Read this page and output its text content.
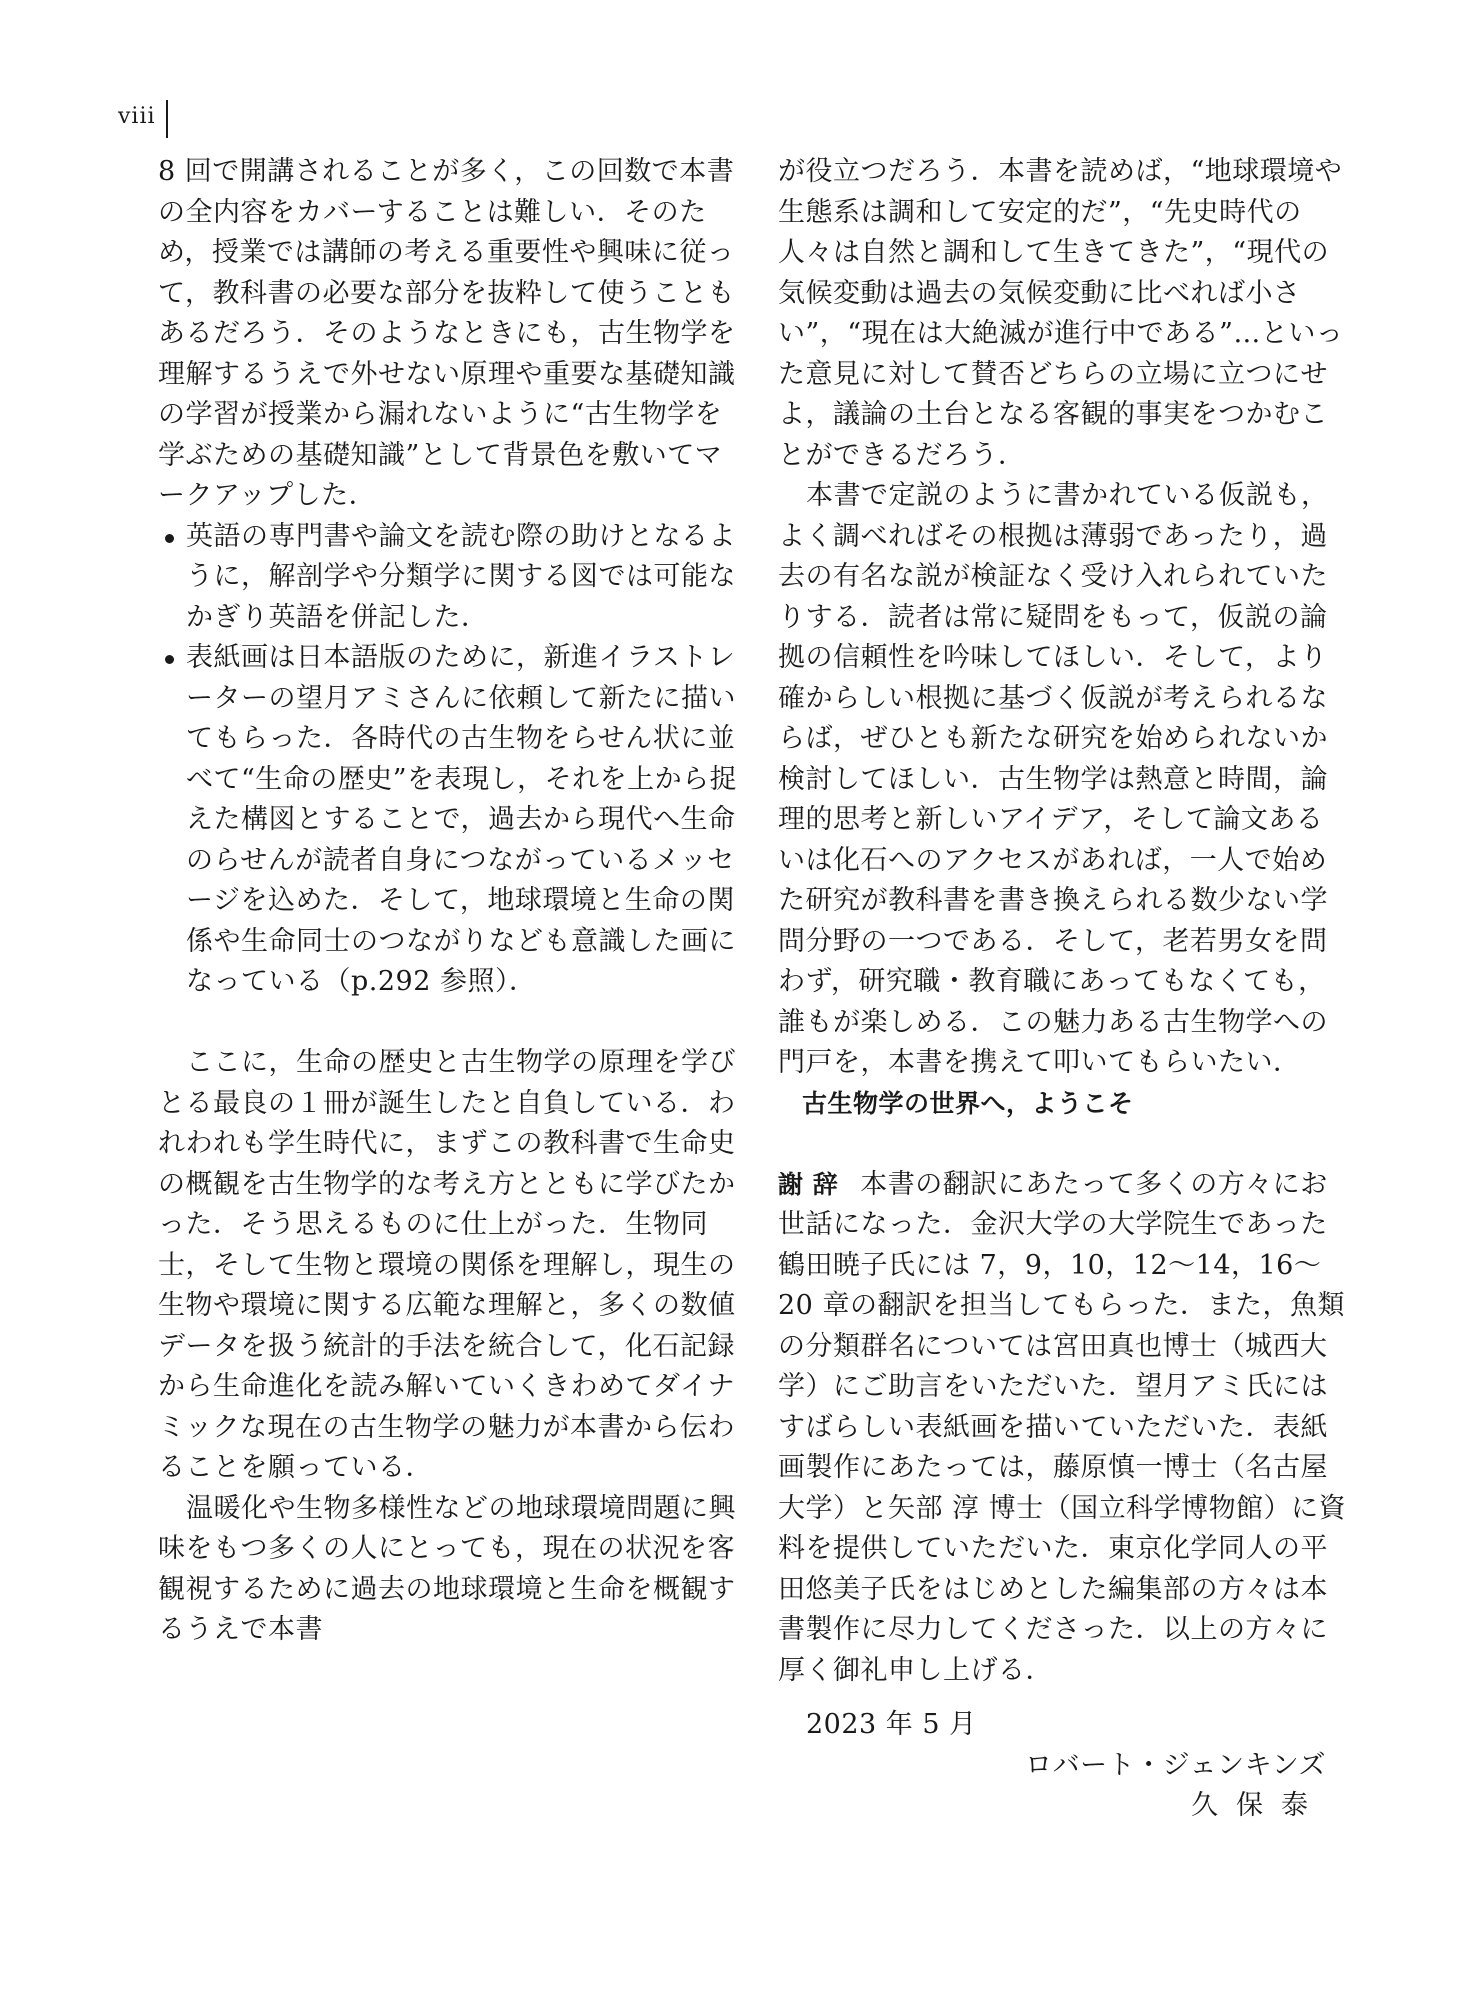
viii

8 回で開講されることが多く，この回数で本書の全内容をカバーすることは難しい．そのため，授業では講師の考える重要性や興味に従って，教科書の必要な部分を抜粋して使うこともあるだろう．そのようなときにも，古生物学を理解するうえで外せない原理や重要な基礎知識の学習が授業から漏れないように“古生物学を学ぶための基礎知識”として背景色を敷いてマークアップした．

英語の専門書や論文を読む際の助けとなるように，解剖学や分類学に関する図では可能なかぎり英語を併記した．

表紙画は日本語版のために，新進イラストレーターの望月アミさんに依頼して新たに描いてもらった．各時代の古生物をらせん状に並べて“生命の歴史”を表現し，それを上から捉えた構図とすることで，過去から現代へ生命のらせんが読者自身につながっているメッセージを込めた．そして，地球環境と生命の関係や生命同士のつながりなども意識した画になっている（p.292 参照）．

ここに，生命の歴史と古生物学の原理を学びとる最良の１冊が誕生したと自負している．われわれも学生時代に，まずこの教科書で生命史の概観を古生物学的な考え方とともに学びたかった．そう思えるものに仕上がった．生物同士，そして生物と環境の関係を理解し，現生の生物や環境に関する広範な理解と，多くの数値データを扱う統計的手法を統合して，化石記録から生命進化を読み解いていくきわめてダイナミックな現在の古生物学の魅力が本書から伝わることを願っている．

温暖化や生物多様性などの地球環境問題に興味をもつ多くの人にとっても，現在の状況を客観視するために過去の地球環境と生命を概観するうえで本書

が役立つだろう．本書を読めば，“地球環境や生態系は調和して安定的だ”，“先史時代の人々は自然と調和して生きてきた”，“現代の気候変動は過去の気候変動に比べれば小さい”，“現在は大絶滅が進行中である”…といった意見に対して賛否どちらの立場に立つにせよ，議論の土台となる客観的事実をつかむことができるだろう．

本書で定説のように書かれている仮説も，よく調べればその根拠は薄弱であったり，過去の有名な説が検証なく受け入れられていたりする．読者は常に疑問をもって，仮説の論拠の信頼性を吟味してほしい．そして，より確からしい根拠に基づく仮説が考えられるならば，ぜひとも新たな研究を始められないか検討してほしい．古生物学は熱意と時間，論理的思考と新しいアイデア，そして論文あるいは化石へのアクセスがあれば，一人で始めた研究が教科書を書き換えられる数少ない学問分野の一つである．そして，老若男女を問わず，研究職・教育職にあってもなくても，誰もが楽しめる．この魅力ある古生物学への門戸を，本書を携えて叩いてもらいたい．

古生物学の世界へ，ようこそ

謝 辞 本書の翻訳にあたって多くの方々にお世話になった．金沢大学の大学院生であった鶴田暁子氏には 7，9，10，12～14，16～20 章の翻訳を担当してもらった．また，魚類の分類群名については宮田真也博士（城西大学）にご助言をいただいた．望月アミ氏にはすばらしい表紙画を描いていただいた．表紙画製作にあたっては，藤原慎一博士（名古屋大学）と矢部 淳 博士（国立科学博物館）に資料を提供していただいた．東京化学同人の平田悠美子氏をはじめとした編集部の方々は本書製作に尽力してくださった．以上の方々に厚く御礼申し上げる．

2023 年 5 月

ロバート・ジェンキンズ

久保泰
